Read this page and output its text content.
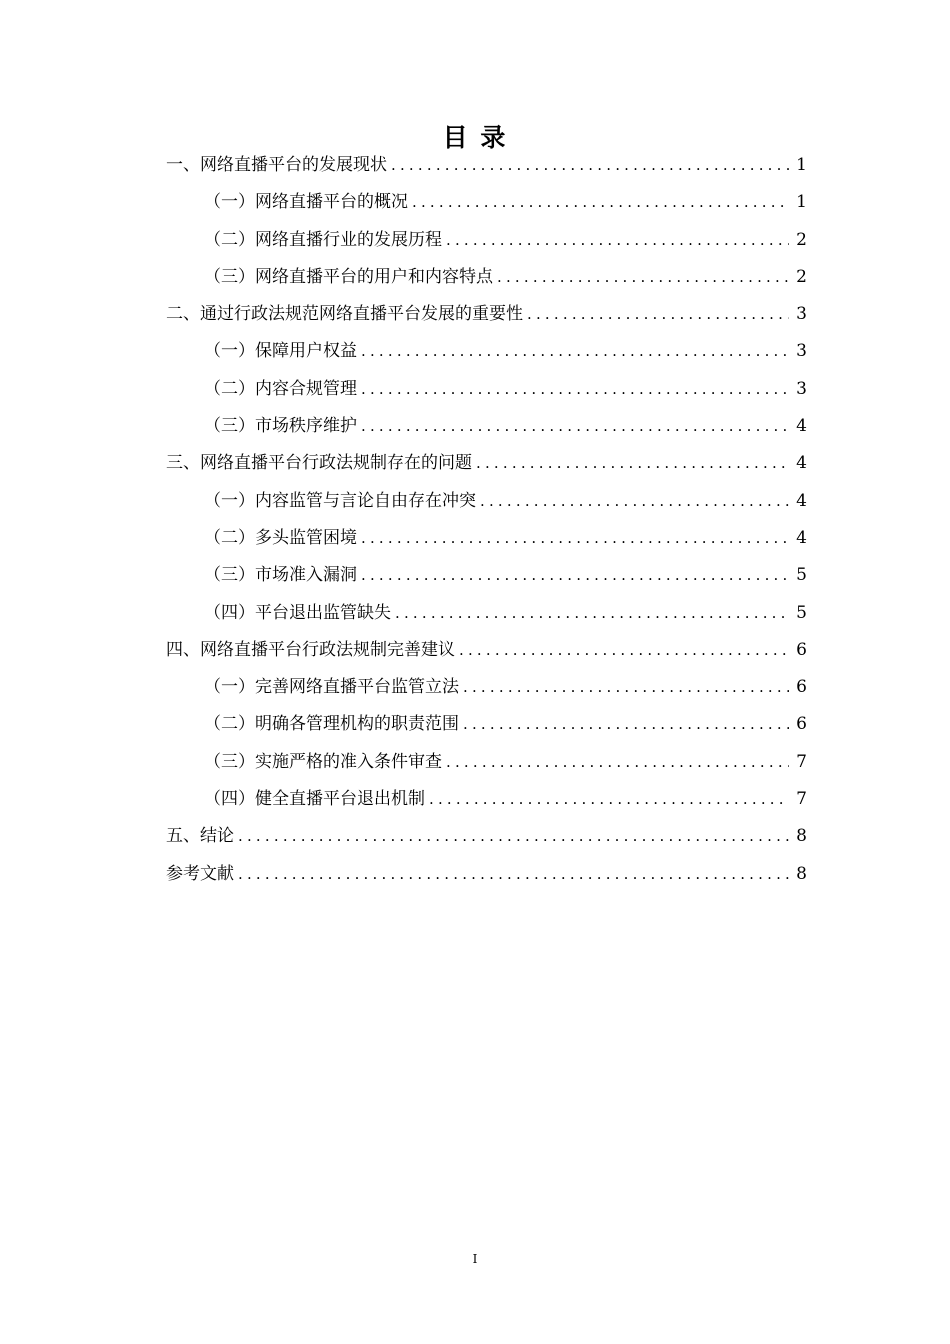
目 录
一、网络直播平台的发展现状 .....	1
（一）网络直播平台的概况 .....	1
（二）网络直播行业的发展历程 .....	2
（三）网络直播平台的用户和内容特点 .....	2
二、通过行政法规范网络直播平台发展的重要性 .....	3
（一）保障用户权益 .....	3
（二）内容合规管理 .....	3
（三）市场秩序维护 .....	4
三、网络直播平台行政法规制存在的问题 .....	4
（一）内容监管与言论自由存在冲突 .....	4
（二）多头监管困境 .....	4
（三）市场准入漏洞 .....	5
（四）平台退出监管缺失 .....	5
四、网络直播平台行政法规制完善建议 .....	6
（一）完善网络直播平台监管立法 .....	6
（二）明确各管理机构的职责范围 .....	6
（三）实施严格的准入条件审查 .....	7
（四）健全直播平台退出机制 .....	7
五、结论 .....	8
参考文献 .....	8
I
